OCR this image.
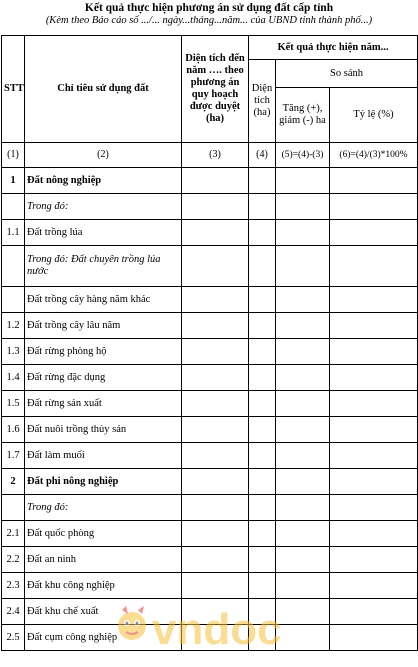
Kết quả thực hiện phương án sử dụng đất cấp tỉnh
(Kèm theo Báo cáo số .../... ngày...tháng...năm... của UBND tỉnh thành phố...)
STT	Chỉ tiêu sử dụng đất	Diện tích đến năm …. theo phương án quy hoạch được duyệt (ha)	Kết quả thực hiện năm...		
			Diện tích (ha)	So sánh	
				Tăng (+), giảm (-) ha	Tỷ lệ (%)
(1)	(2)	(3)	(4)	(5)=(4)-(3)	(6)=(4)/(3)*100%
1	Đất nông nghiệp				
	Trong đó:				
1.1	Đất trồng lúa				
	Trong đó: Đất chuyên trồng lúa nước				
	Đất trồng cây hàng năm khác				
1.2	Đất trồng cây lâu năm				
1.3	Đất rừng phòng hộ				
1.4	Đất rừng đặc dụng				
1.5	Đất rừng sản xuất				
1.6	Đất nuôi trồng thủy sản				
1.7	Đất làm muối				
2	Đất phi nông nghiệp				
	Trong đó:				
2.1	Đất quốc phòng				
2.2	Đất an ninh				
2.3	Đất khu công nghiệp				
2.4	Đất khu chế xuất				
2.5	Đất cụm công nghiệp				vndoc
